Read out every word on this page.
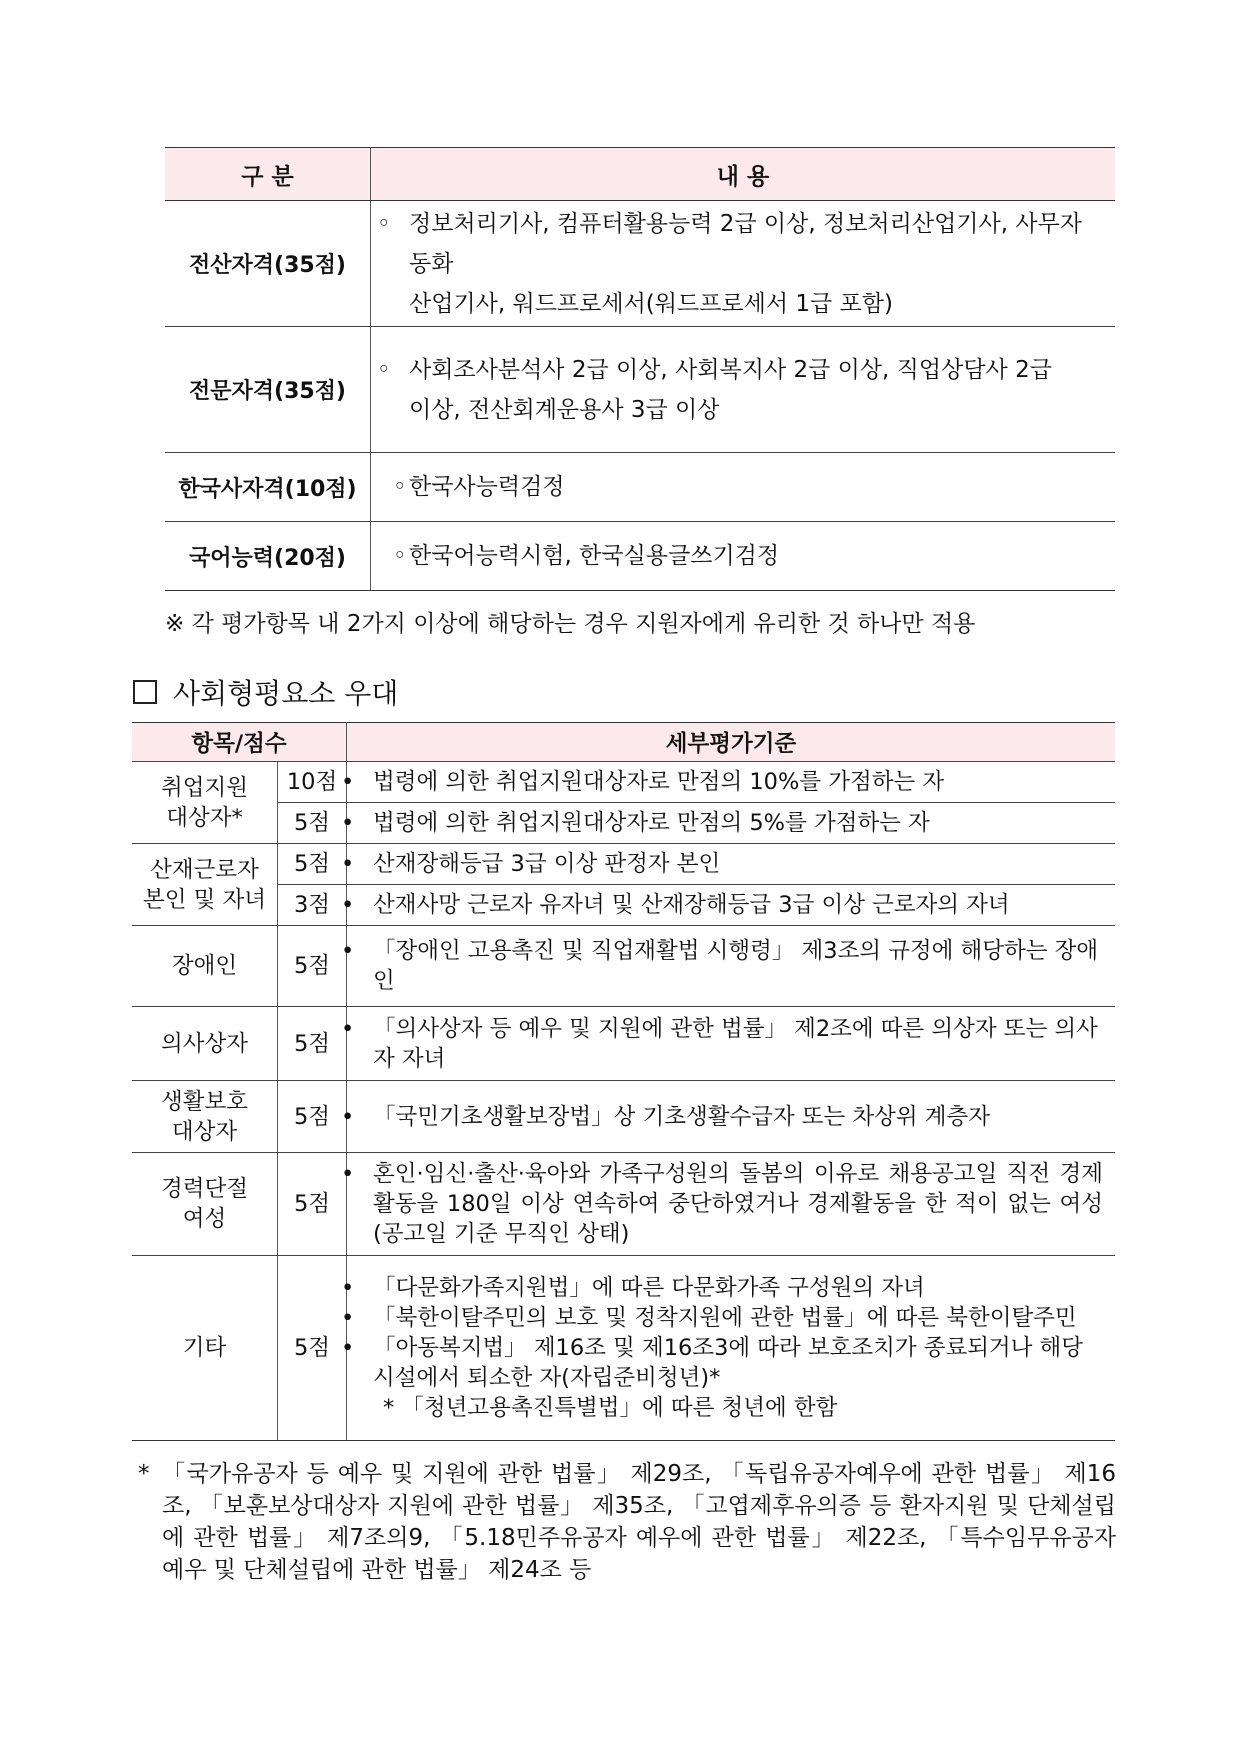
구 분	내 용
전산자격(35점)	◦ 정보처리기사, 컴퓨터활용능력 2급 이상, 정보처리산업기사, 사무자동화
산업기사, 워드프로세서(워드프로세서 1급 포함)

전문자격(35점)	◦ 사회조사분석사 2급 이상, 사회복지사 2급 이상, 직업상담사 2급
이상, 전산회계운용사 3급 이상

한국사자격(10점)	◦ 한국사능력검정
국어능력(20점)	◦ 한국어능력시험, 한국실용글쓰기검정
※ 각 평가항목 내 2가지 이상에 해당하는 경우 지원자에게 유리한 것 하나만 적용
사회형평요소 우대
항목/점수		세부평가기준

취업지원
대상자*	10점	• 법령에 의한 취업지원대상자로 만점의 10%를 가점하는 자

	5점	• 법령에 의한 취업지원대상자로 만점의 5%를 가점하는 자

산재근로자
본인 및 자녀	5점	• 산재장해등급 3급 이상 판정자 본인

	3점	• 산재사망 근로자 유자녀 및 산재장해등급 3급 이상 근로자의 자녀

장애인	5점	• 「장애인 고용촉진 및 직업재활법 시행령」 제3조의 규정에 해당하는 장애인

의사상자	5점	• 「의사상자 등 예우 및 지원에 관한 법률」 제2조에 따른 의상자 또는 의사자 자녀

생활보호
대상자	5점	• 「국민기초생활보장법」상 기초생활수급자 또는 차상위 계층자

경력단절
여성	5점	• 혼인·임신·출산·육아와 가족구성원의 돌봄의 이유로 채용공고일 직전 경제활동을 180일 이상 연속하여 중단하였거나 경제활동을 한 적이 없는 여성(공고일 기준 무직인 상태)

기타	5점	• 「다문화가족지원법」에 따른 다문화가족 구성원의 자녀
• 「북한이탈주민의 보호 및 정착지원에 관한 법률」에 따른 북한이탈주민
• 「아동복지법」 제16조 및 제16조3에 따라 보호조치가 종료되거나 해당 시설에서 퇴소한 자(자립준비청년)*
* 「청년고용촉진특별법」에 따른 청년에 한함
* 「국가유공자 등 예우 및 지원에 관한 법률」 제29조, 「독립유공자예우에 관한 법률」 제16조, 「보훈보상대상자 지원에 관한 법률」 제35조, 「고엽제후유의증 등 환자지원 및 단체설립에 관한 법률」 제7조의9, 「5.18민주유공자 예우에 관한 법률」 제22조, 「특수임무유공자 예우 및 단체설립에 관한 법률」 제24조 등
